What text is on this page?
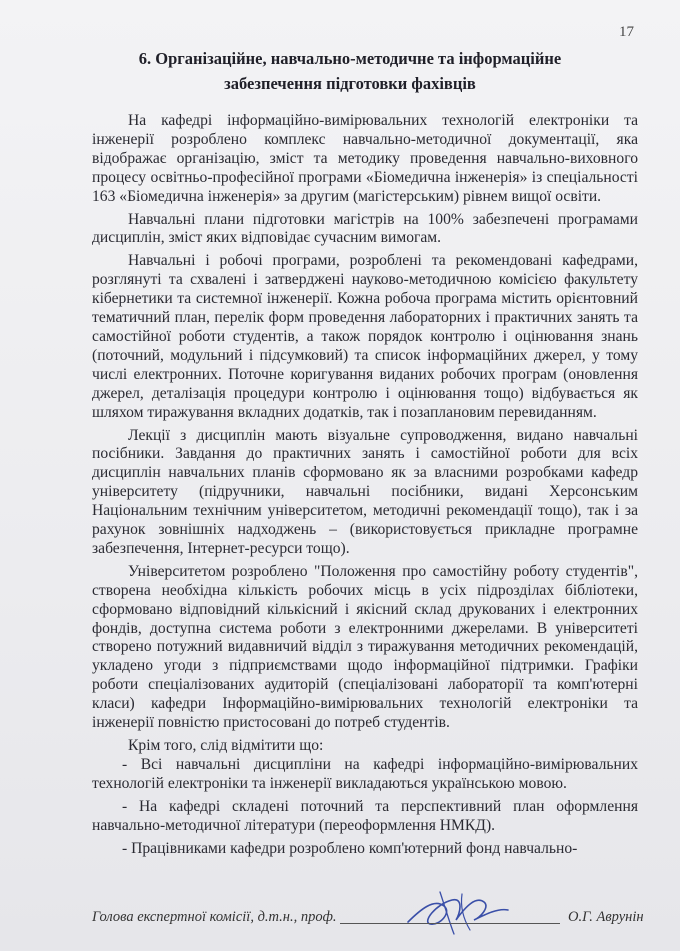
17
6. Організаційне, навчально-методичне та інформаційне
забезпечення підготовки фахівців

На кафедрі інформаційно-вимірювальних технологій електроніки та інженерії розроблено комплекс навчально-методичної документації, яка відображає організацію, зміст та методику проведення навчально-виховного процесу освітньо-професійної програми «Біомедична інженерія» із спеціальності 163 «Біомедична інженерія» за другим (магістерським) рівнем вищої освіти.

Навчальні плани підготовки магістрів на 100% забезпечені програмами дисциплін, зміст яких відповідає сучасним вимогам.

Навчальні і робочі програми, розроблені та рекомендовані кафедрами, розглянуті та схвалені і затверджені науково-методичною комісією факультету кібернетики та системної інженерії. Кожна робоча програма містить орієнтовний тематичний план, перелік форм проведення лабораторних і практичних занять та самостійної роботи студентів, а також порядок контролю і оцінювання знань (поточний, модульний і підсумковий) та список інформаційних джерел, у тому числі електронних. Поточне коригування виданих робочих програм (оновлення джерел, деталізація процедури контролю і оцінювання тощо) відбувається як шляхом тиражування вкладних додатків, так і позаплановим перевиданням.

Лекції з дисциплін мають візуальне супроводження, видано навчальні посібники. Завдання до практичних занять і самостійної роботи для всіх дисциплін навчальних планів сформовано як за власними розробками кафедр університету (підручники, навчальні посібники, видані Херсонським Національним технічним університетом, методичні рекомендації тощо), так і за рахунок зовнішніх надходжень – (використовується прикладне програмне забезпечення, Інтернет-ресурси тощо).

Університетом розроблено "Положення про самостійну роботу студентів", створена необхідна кількість робочих місць в усіх підрозділах бібліотеки, сформовано відповідний кількісний і якісний склад друкованих і електронних фондів, доступна система роботи з електронними джерелами. В університеті створено потужний видавничий відділ з тиражування методичних рекомендацій, укладено угоди з підприємствами щодо інформаційної підтримки. Графіки роботи спеціалізованих аудиторій (спеціалізовані лабораторії та комп'ютерні класи) кафедри Інформаційно-вимірювальних технологій електроніки та інженерії повністю пристосовані до потреб студентів.

Крім того, слід відмітити що:

- Всі навчальні дисципліни на кафедрі інформаційно-вимірювальних технологій електроніки та інженерії викладаються українською мовою.

- На кафедрі складені поточний та перспективний план оформлення навчально-методичної літератури (переоформлення НМКД).

- Працівниками кафедри розроблено комп'ютерний фонд навчально-

Голова експертної комісії, д.т.н., проф.	О.Г. Аврунін
